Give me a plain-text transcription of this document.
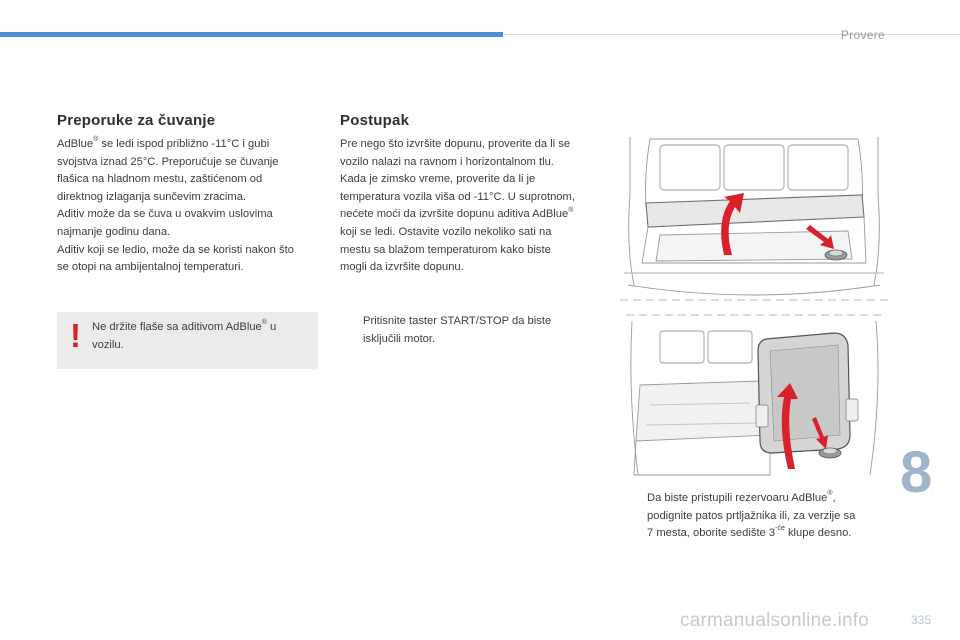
Provere
Preporuke za čuvanje

AdBlue® se ledi ispod približno -11°C i gubi

svojstva iznad 25°C. Preporučuje se čuvanje

flašica na hladnom mestu, zaštićenom od

direktnog izlaganja sunčevim zracima.

Aditiv može da se čuva u ovakvim uslovima

najmanje godinu dana.

Aditiv koji se ledio, može da se koristi nakon što

se otopi na ambijentalnoj temperaturi.

! Ne držite flaše sa aditivom AdBlue® u
vozilu.
Postupak

Pre nego što izvršite dopunu, proverite da li se

vozilo nalazi na ravnom i horizontalnom tlu.

Kada je zimsko vreme, proverite da li je

temperatura vozila viša od -11°C. U suprotnom,

nećete moći da izvršite dopunu aditiva AdBlue®

koji se ledi. Ostavite vozilo nekoliko sati na

mestu sa blažom temperaturom kako biste

mogli da izvršite dopunu.

Pritisnite taster START/STOP da biste
isključili motor.
Da biste pristupili rezervoaru AdBlue®,
podignite patos prtljažnika ili, za verzije sa
7 mesta, oborite sedište $3^{-će}$ klupe desno.
8
335
carmanualsonline.info
